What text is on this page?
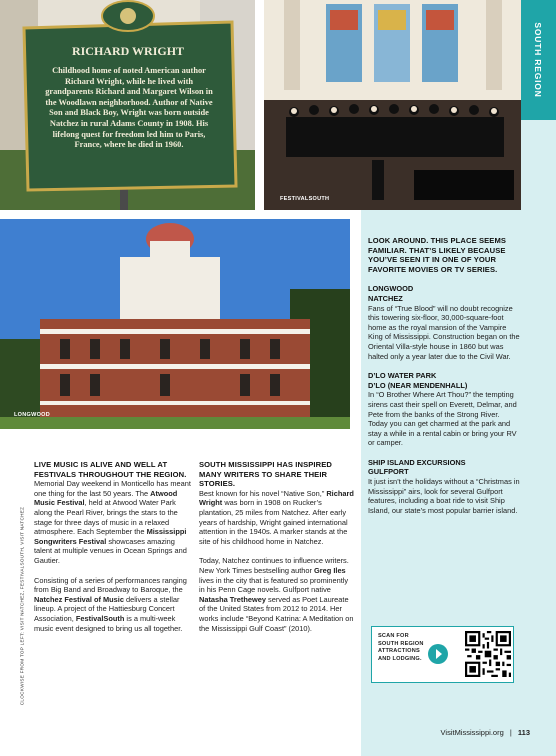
SOUTH REGION
RICHARD WRIGHT
Childhood home of noted American author Richard Wright, while he lived with grandparents Richard and Margaret Wilson in the Woodlawn neighborhood. Author of Native Son and Black Boy, Wright was born outside Natchez in rural Adams County in 1908. His lifelong quest for freedom led him to Paris, France, where he died in 1960.
FESTIVALSOUTH
LONGWOOD
CLOCKWISE FROM TOP LEFT: VISIT NATCHEZ, FESTIVALSOUTH, VISIT NATCHEZ
LIVE MUSIC IS ALIVE AND WELL AT FESTIVALS THROUGHOUT THE REGION.
Memorial Day weekend in Monticello has meant one thing for the last 50 years. The Atwood Music Festival, held at Atwood Water Park along the Pearl River, brings the stars to the stage for three days of music in a relaxed atmosphere. Each September the Mississippi Songwriters Festival showcases amazing talent at multiple venues in Ocean Springs and Gautier.
Consisting of a series of performances ranging from Big Band and Broadway to Baroque, the Natchez Festival of Music delivers a stellar lineup. A project of the Hattiesburg Concert Association, FestivalSouth is a multi-week music event designed to bring us all together.
SOUTH MISSISSIPPI HAS INSPIRED MANY WRITERS TO SHARE THEIR STORIES.
Best known for his novel “Native Son,” Richard Wright was born in 1908 on Rucker’s plantation, 25 miles from Natchez. After early years of hardship, Wright gained international attention in the 1940s. A marker stands at the site of his childhood home in Natchez.
Today, Natchez continues to influence writers. New York Times bestselling author Greg Iles lives in the city that is featured so prominently in his Penn Cage novels. Gulfport native Natasha Trethewey served as Poet Laureate of the United States from 2012 to 2014. Her works include “Beyond Katrina: A Meditation on the Mississippi Gulf Coast” (2010).
LOOK AROUND. THIS PLACE SEEMS FAMILIAR. THAT’S LIKELY BECAUSE YOU’VE SEEN IT IN ONE OF YOUR FAVORITE MOVIES OR TV SERIES.
LONGWOOD
NATCHEZ
Fans of “True Blood” will no doubt recognize this towering six-floor, 30,000-square-foot home as the royal mansion of the Vampire King of Mississippi. Construction began on the Oriental Villa-style house in 1860 but was halted only a year later due to the Civil War.
D’LO WATER PARK
D’LO (NEAR MENDENHALL)
In “O Brother Where Art Thou?” the tempting sirens cast their spell on Everett, Delmar, and Pete from the banks of the Strong River. Today you can get charmed at the park and stay a while in a rental cabin or bring your RV or camper.
SHIP ISLAND EXCURSIONS
GULFPORT
It just isn’t the holidays without a “Christmas in Mississippi” airs, look for several Gulfport features, including a boat ride to visit Ship Island, our state’s most popular barrier island.
SCAN FOR SOUTH REGION ATTRACTIONS AND LODGING.
VisitMississippi.org | 113
